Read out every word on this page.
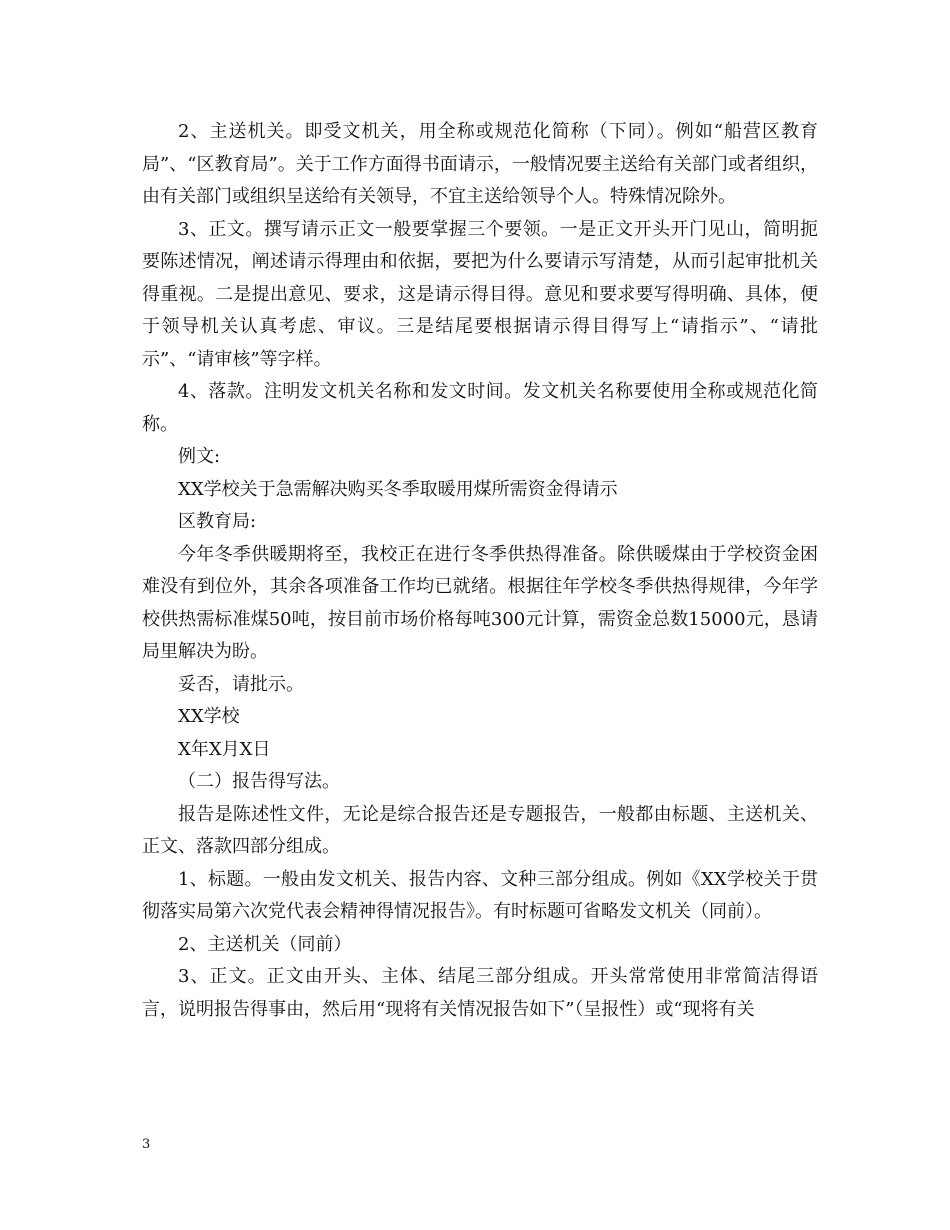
2、主送机关。即受文机关，用全称或规范化简称（下同）。例如“船营区教育局”、“区教育局”。关于工作方面得书面请示，一般情况要主送给有关部门或者组织，由有关部门或组织呈送给有关领导，不宜主送给领导个人。特殊情况除外。

3、正文。撰写请示正文一般要掌握三个要领。一是正文开头开门见山，简明扼要陈述情况，阐述请示得理由和依据，要把为什么要请示写清楚，从而引起审批机关得重视。二是提出意见、要求，这是请示得目得。意见和要求要写得明确、具体，便于领导机关认真考虑、审议。三是结尾要根据请示得目得写上“请指示”、“请批示”、“请审核”等字样。

4、落款。注明发文机关名称和发文时间。发文机关名称要使用全称或规范化简称。

例文:

XX学校关于急需解决购买冬季取暖用煤所需资金得请示

区教育局:

今年冬季供暖期将至，我校正在进行冬季供热得准备。除供暖煤由于学校资金困难没有到位外，其余各项准备工作均已就绪。根据往年学校冬季供热得规律，今年学校供热需标准煤50吨，按目前市场价格每吨300元计算，需资金总数15000元，恳请局里解决为盼。

妥否，请批示。

XX学校

X年X月X日

（二）报告得写法。

报告是陈述性文件，无论是综合报告还是专题报告，一般都由标题、主送机关、正文、落款四部分组成。

1、标题。一般由发文机关、报告内容、文种三部分组成。例如《XX学校关于贯彻落实局第六次党代表会精神得情况报告》。有时标题可省略发文机关（同前）。

2、主送机关（同前）

3、正文。正文由开头、主体、结尾三部分组成。开头常常使用非常简洁得语言，说明报告得事由，然后用“现将有关情况报告如下”（呈报性）或“现将有关

3
